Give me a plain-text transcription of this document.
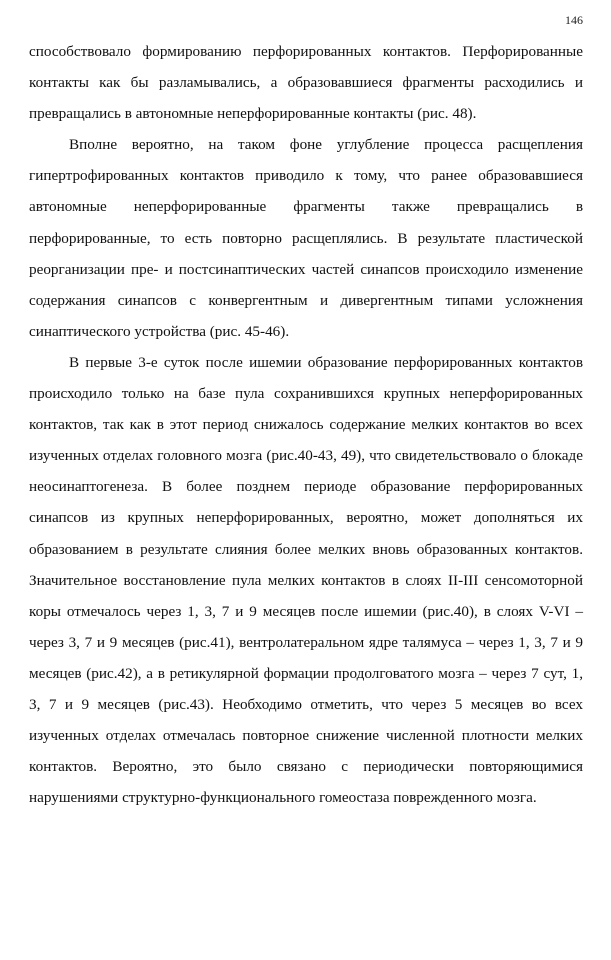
146

способствовало формированию перфорированных контактов. Перфорированные контакты как бы разламывались, а образовавшиеся фрагменты расходились и превращались в автономные неперфорированные контакты (рис. 48).

Вполне вероятно, на таком фоне углубление процесса расщепления гипертрофированных контактов приводило к тому, что ранее образовавшиеся автономные неперфорированные фрагменты также превращались в перфорированные, то есть повторно расщеплялись. В результате пластической реорганизации пре- и постсинаптических частей синапсов происходило изменение содержания синапсов с конвергентным и дивергентным типами усложнения синаптического устройства (рис. 45-46).

В первые 3-е суток после ишемии образование перфорированных контактов происходило только на базе пула сохранившихся крупных неперфорированных контактов, так как в этот период снижалось содержание мелких контактов во всех изученных отделах головного мозга (рис.40-43, 49), что свидетельствовало о блокаде неосинаптогенеза. В более позднем периоде образование перфорированных синапсов из крупных неперфорированных, вероятно, может дополняться их образованием в результате слияния более мелких вновь образованных контактов. Значительное восстановление пула мелких контактов в слоях II-III сенсомоторной коры отмечалось через 1, 3, 7 и 9 месяцев после ишемии (рис.40), в слоях V-VI – через 3, 7 и 9 месяцев (рис.41), вентролатеральном ядре талямуса – через 1, 3, 7 и 9 месяцев (рис.42), а в ретикулярной формации продолговатого мозга – через 7 сут, 1, 3, 7 и 9 месяцев (рис.43). Необходимо отметить, что через 5 месяцев во всех изученных отделах отмечалась повторное снижение численной плотности мелких контактов. Вероятно, это было связано с периодически повторяющимися нарушениями структурно-функционального гомеостаза поврежденного мозга.
